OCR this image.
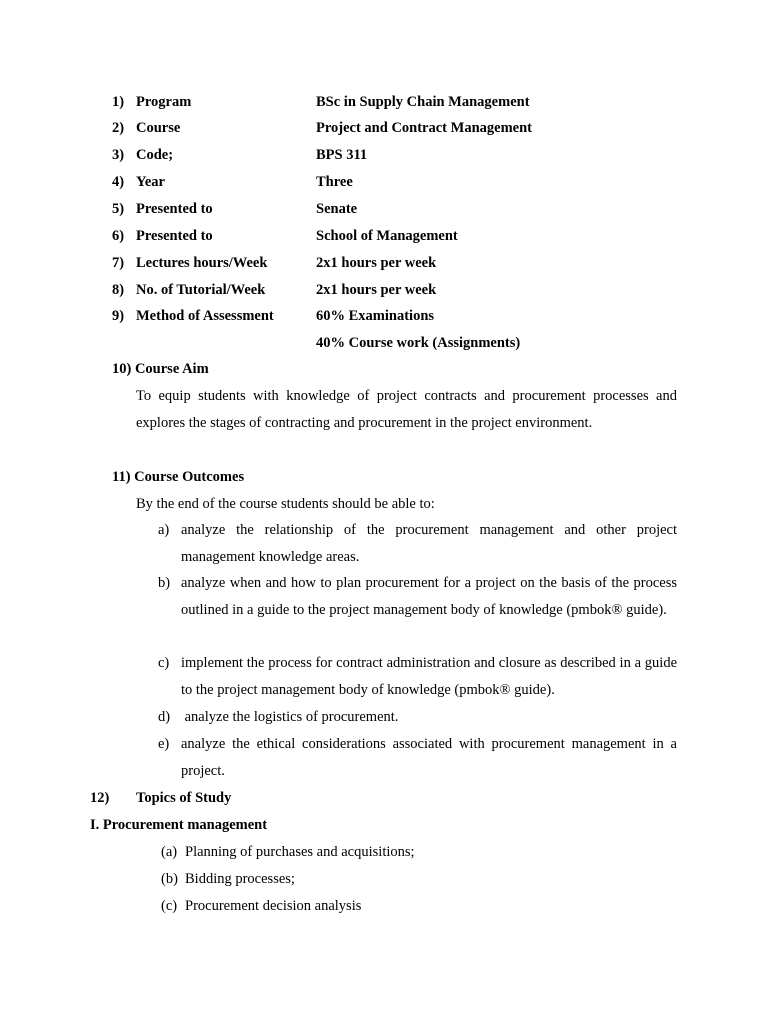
1) Program	BSc in Supply Chain Management
2) Course	Project and Contract Management
3) Code;	BPS 311
4) Year	Three
5) Presented to	Senate
6) Presented to	School of Management
7) Lectures hours/Week	2x1 hours per week
8) No. of Tutorial/Week	2x1 hours per week
9) Method of Assessment	60% Examinations
40% Course work (Assignments)
10) Course Aim
To equip students with knowledge of project contracts and procurement processes and explores the stages of contracting and procurement in the project environment.
11) Course Outcomes
By the end of the course students should be able to:
a) analyze the relationship of the procurement management and other project management knowledge areas.
b) analyze when and how to plan procurement for a project on the basis of the process outlined in a guide to the project management body of knowledge (pmbok® guide).
c) implement the process for contract administration and closure as described in a guide to the project management body of knowledge (pmbok® guide).
d) analyze the logistics of procurement.
e) analyze the ethical considerations associated with procurement management in a project.
12) Topics of Study
I. Procurement management
(a) Planning of purchases and acquisitions;
(b) Bidding processes;
(c) Procurement decision analysis
